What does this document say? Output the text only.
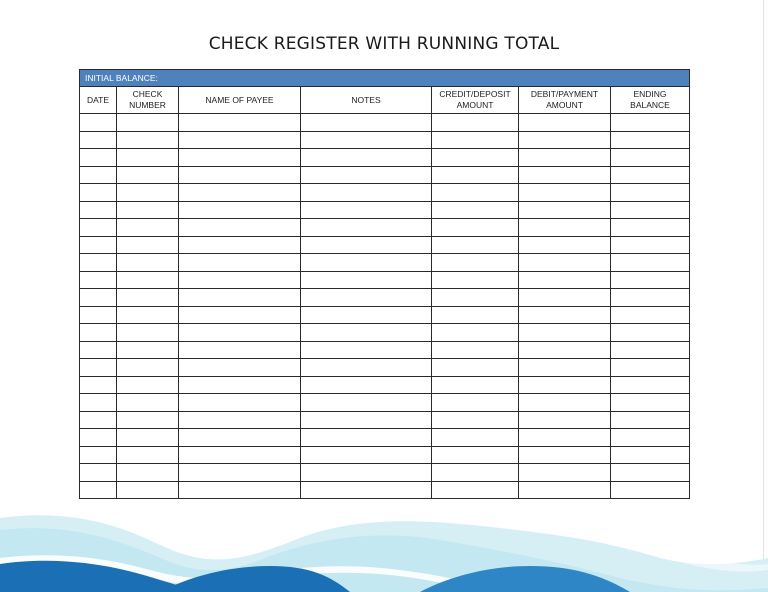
CHECK REGISTER WITH RUNNING TOTAL
INITIAL BALANCE:						
DATE	CHECK NUMBER	NAME OF PAYEE	NOTES	CREDIT/DEPOSIT AMOUNT	DEBIT/PAYMENT AMOUNT	ENDING BALANCE
